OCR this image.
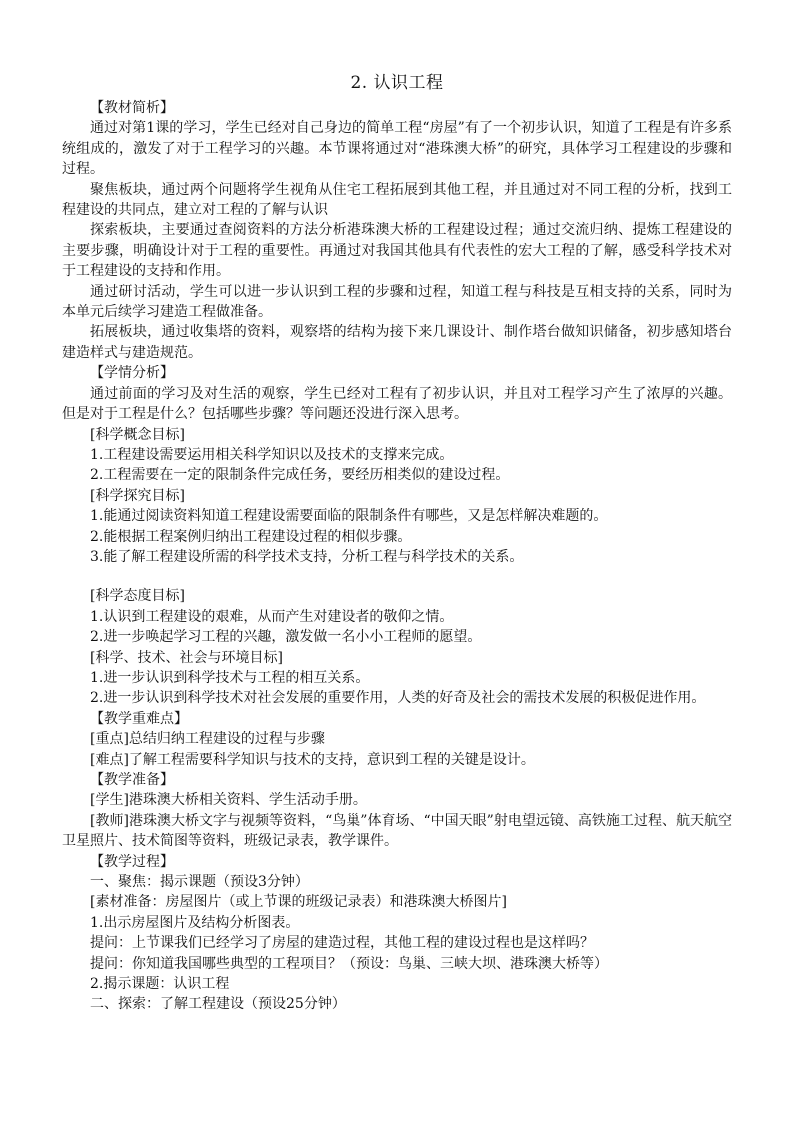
2. 认识工程
【教材简析】

通过对第1课的学习，学生已经对自己身边的简单工程“房屋”有了一个初步认识，知道了工程是有许多系统组成的，激发了对于工程学习的兴趣。本节课将通过对“港珠澳大桥”的研究，具体学习工程建设的步骤和过程。

聚焦板块，通过两个问题将学生视角从住宅工程拓展到其他工程，并且通过对不同工程的分析，找到工程建设的共同点，建立对工程的了解与认识

探索板块，主要通过查阅资料的方法分析港珠澳大桥的工程建设过程；通过交流归纳、提炼工程建设的主要步骤，明确设计对于工程的重要性。再通过对我国其他具有代表性的宏大工程的了解，感受科学技术对于工程建设的支持和作用。

通过研讨活动，学生可以进一步认识到工程的步骤和过程，知道工程与科技是互相支持的关系，同时为本单元后续学习建造工程做准备。

拓展板块，通过收集塔的资料，观察塔的结构为接下来几课设计、制作塔台做知识储备，初步感知塔台建造样式与建造规范。

【学情分析】

通过前面的学习及对生活的观察，学生已经对工程有了初步认识，并且对工程学习产生了浓厚的兴趣。但是对于工程是什么？包括哪些步骤？等问题还没进行深入思考。

[科学概念目标]
1.工程建设需要运用相关科学知识以及技术的支撑来完成。
2.工程需要在一定的限制条件完成任务，要经历相类似的建设过程。
[科学探究目标]
1.能通过阅读资料知道工程建设需要面临的限制条件有哪些，又是怎样解决难题的。
2.能根据工程案例归纳出工程建设过程的相似步骤。
3.能了解工程建设所需的科学技术支持，分析工程与科学技术的关系。
[科学态度目标]
1.认识到工程建设的艰难，从而产生对建设者的敬仰之情。
2.进一步唤起学习工程的兴趣，激发做一名小小工程师的愿望。
[科学、技术、社会与环境目标]
1.进一步认识到科学技术与工程的相互关系。

2.进一步认识到科学技术对社会发展的重要作用，人类的好奇及社会的需技术发展的积极促进作用。

【教学重难点】
[重点]总结归纳工程建设的过程与步骤
[难点]了解工程需要科学知识与技术的支持，意识到工程的关键是设计。
【教学准备】
[学生]港珠澳大桥相关资料、学生活动手册。

[教师]港珠澳大桥文字与视频等资料，“鸟巢”体育场、“中国天眼”射电望远镜、高铁施工过程、航天航空卫星照片、技术简图等资料，班级记录表，教学课件。

【教学过程】
一、聚焦：揭示课题（预设3分钟）
[素材准备：房屋图片（或上节课的班级记录表）和港珠澳大桥图片]
1.出示房屋图片及结构分析图表。
提问：上节课我们已经学习了房屋的建造过程，其他工程的建设过程也是这样吗？
提问：你知道我国哪些典型的工程项目？（预设：鸟巢、三峡大坝、港珠澳大桥等）
2.揭示课题：认识工程
二、探索：了解工程建设（预设25分钟）
